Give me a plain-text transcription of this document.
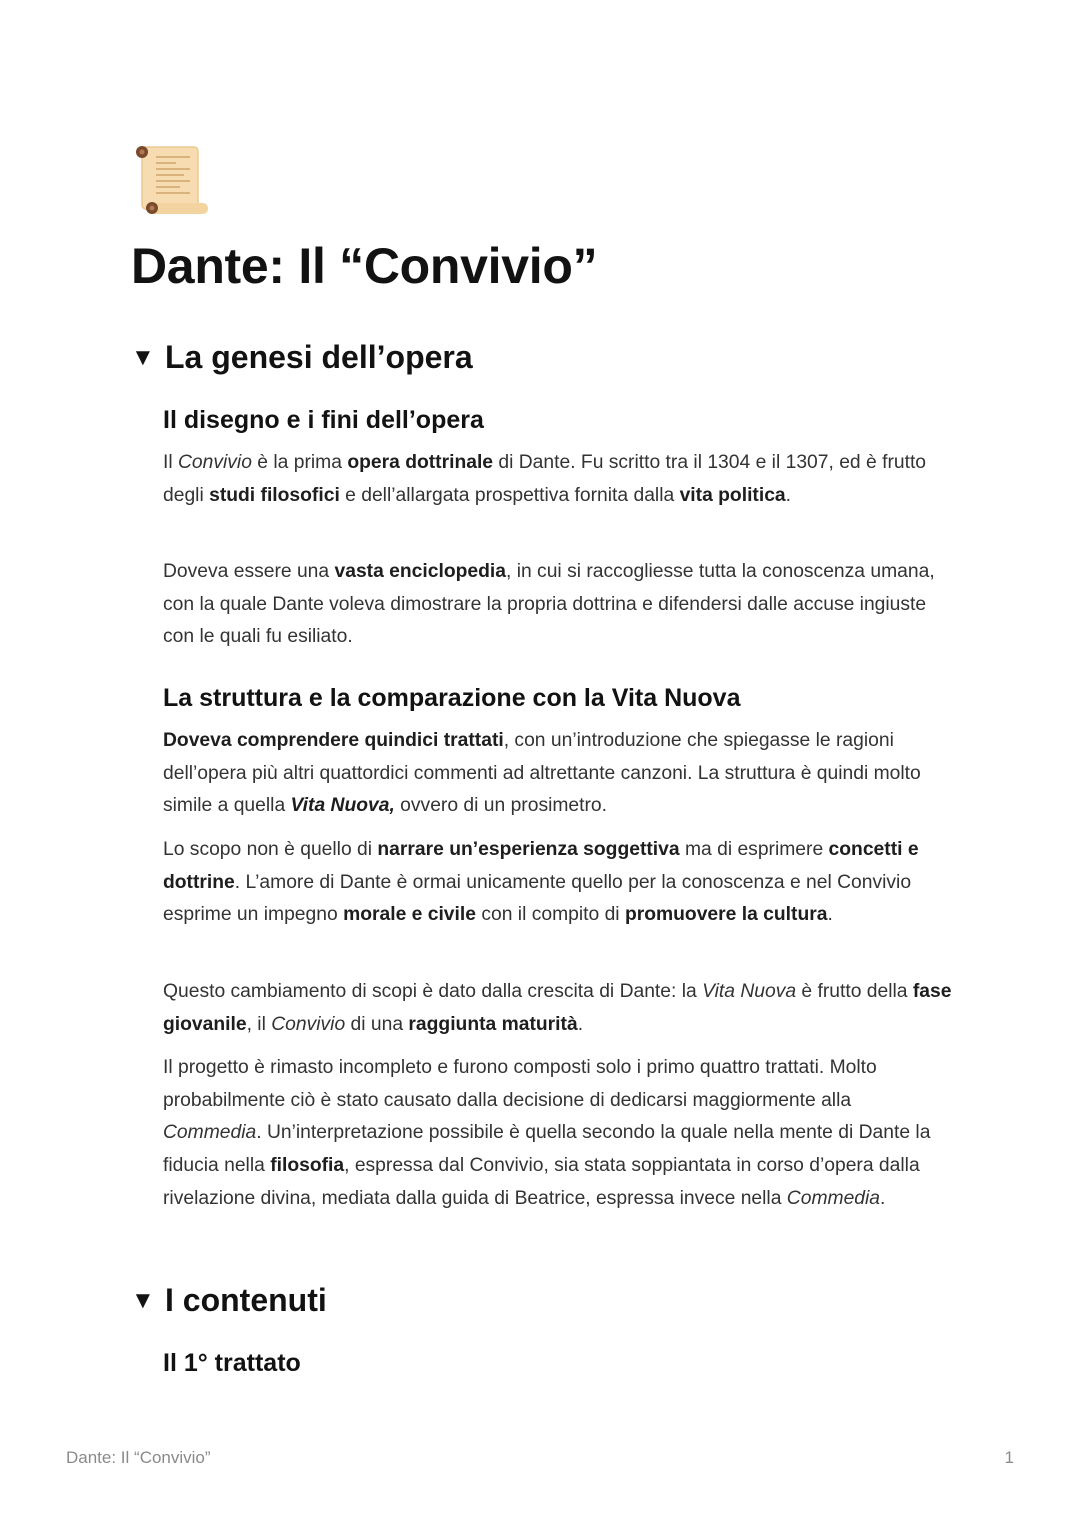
Dante: Il “Convivio”
▼ La genesi dell’opera
Il disegno e i fini dell’opera

Il Convivio è la prima opera dottrinale di Dante. Fu scritto tra il 1304 e il 1307, ed è frutto degli studi filosofici e dell’allargata prospettiva fornita dalla vita politica.

Doveva essere una vasta enciclopedia, in cui si raccogliesse tutta la conoscenza umana, con la quale Dante voleva dimostrare la propria dottrina e difendersi dalle accuse ingiuste con le quali fu esiliato.

La struttura e la comparazione con la Vita Nuova

Doveva comprendere quindici trattati, con un’introduzione che spiegasse le ragioni dell’opera più altri quattordici commenti ad altrettante canzoni. La struttura è quindi molto simile a quella Vita Nuova, ovvero di un prosimetro.

Lo scopo non è quello di narrare un’esperienza soggettiva ma di esprimere concetti e dottrine. L’amore di Dante è ormai unicamente quello per la conoscenza e nel Convivio esprime un impegno morale e civile con il compito di promuovere la cultura.

Questo cambiamento di scopi è dato dalla crescita di Dante: la Vita Nuova è frutto della fase giovanile, il Convivio di una raggiunta maturità.

Il progetto è rimasto incompleto e furono composti solo i primo quattro trattati. Molto probabilmente ciò è stato causato dalla decisione di dedicarsi maggiormente alla Commedia. Un’interpretazione possibile è quella secondo la quale nella mente di Dante la fiducia nella filosofia, espressa dal Convivio, sia stata soppiantata in corso d’opera dalla rivelazione divina, mediata dalla guida di Beatrice, espressa invece nella Commedia.

▼ I contenuti
Il 1° trattato
Dante: Il “Convivio”	1
